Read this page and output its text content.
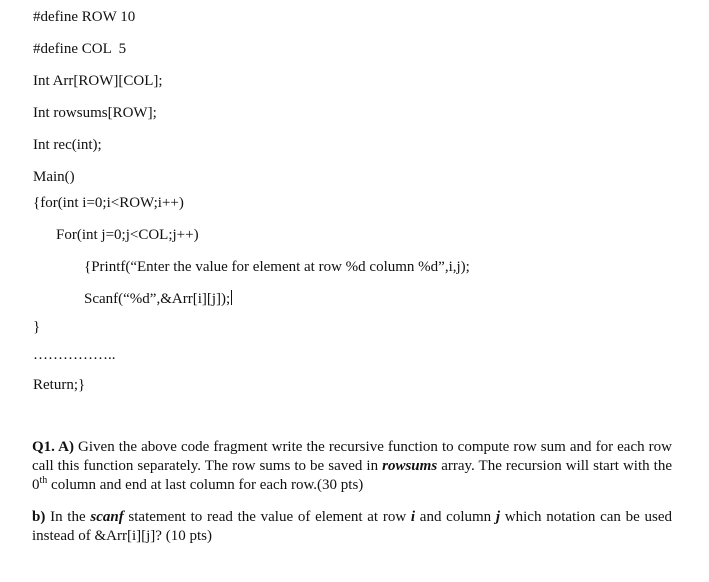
#define ROW 10
#define COL  5
Int Arr[ROW][COL];
Int rowsums[ROW];
Int rec(int);
Main()
{for(int i=0;i<ROW;i++)
For(int j=0;j<COL;j++)
{Printf(“Enter the value for element at row %d column %d”,i,j);
Scanf(“%d”,&Arr[i][j]);
}
……………..
Return;}
Q1. A) Given the above code fragment write the recursive function to compute row sum and for each row call this function separately. The row sums to be saved in rowsums array. The recursion will start with the 0th column and end at last column for each row.(30 pts)
b) In the scanf statement to read the value of element at row i and column j which notation can be used instead of &Arr[i][j]? (10 pts)
